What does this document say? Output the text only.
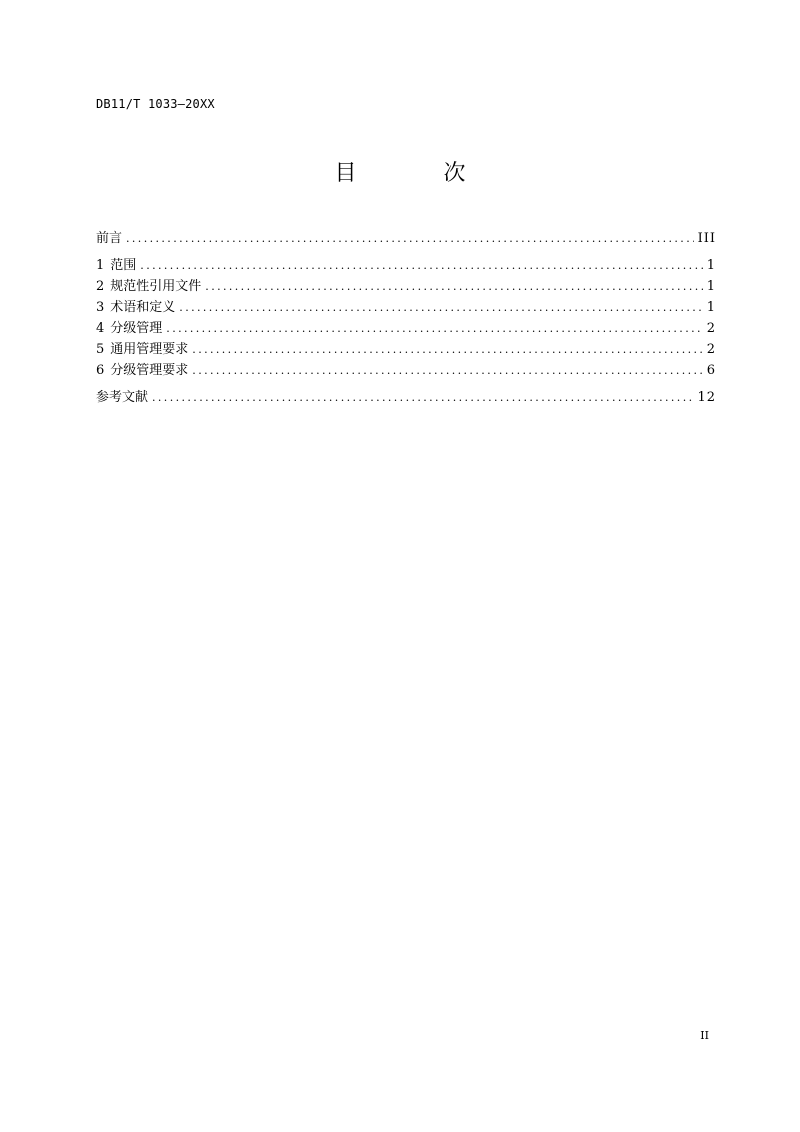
DB11/T 1033—20XX
目 次
前言 .....	III
1 范围 .....	1
2 规范性引用文件 .....	1
3 术语和定义 .....	1
4 分级管理 .....	2
5 通用管理要求 .....	2
6 分级管理要求 .....	6
参考文献 .....	12
II
